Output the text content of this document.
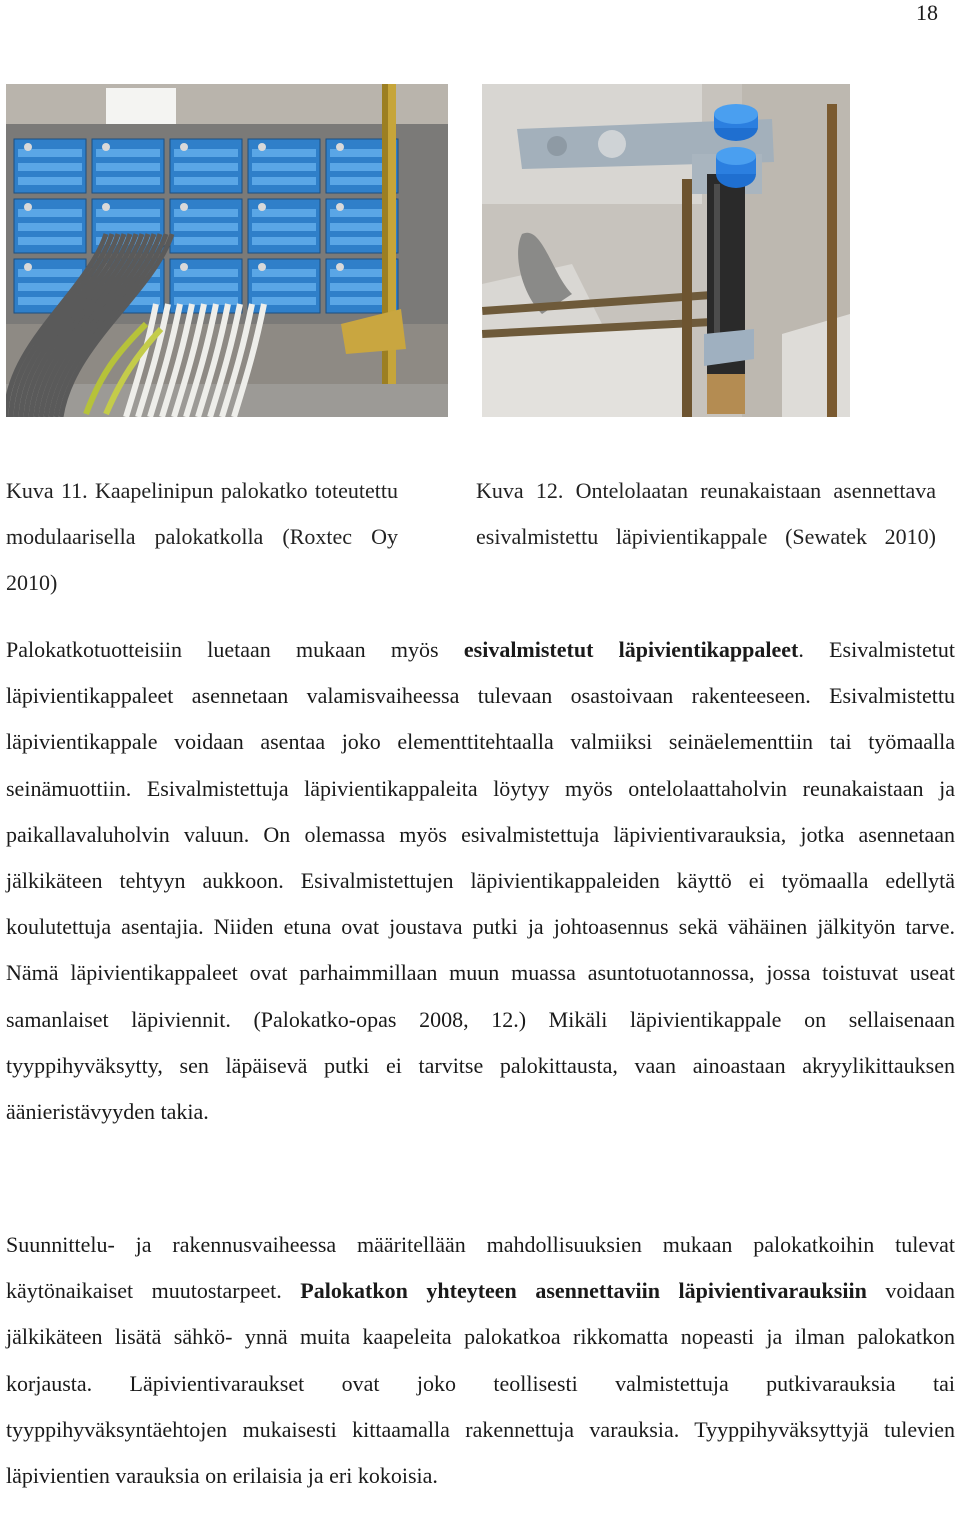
18
Kuva 11. Kaapelinipun palokatko toteutettu modulaarisella palokatkolla (Roxtec Oy 2010)
Kuva 12. Ontelolaatan reunakaistaan asennettava esivalmistettu läpivientikappale (Sewatek 2010)

Palokatkotuotteisiin luetaan mukaan myös esivalmistetut läpivientikappaleet. Esivalmistetut läpivientikappaleet asennetaan valamisvaiheessa tulevaan osastoivaan rakenteeseen. Esivalmistettu läpivientikappale voidaan asentaa joko elementtitehtaalla valmiiksi seinäelementtiin tai työmaalla seinämuottiin. Esivalmistettuja läpivientikappaleita löytyy myös ontelolaattaholvin reunakaistaan ja paikallavaluholvin valuun. On olemassa myös esivalmistettuja läpivientivarauksia, jotka asennetaan jälkikäteen tehtyyn aukkoon. Esivalmistettujen läpivientikappaleiden käyttö ei työmaalla edellytä koulutettuja asentajia. Niiden etuna ovat joustava putki ja johtoasennus sekä vähäinen jälkityön tarve. Nämä läpivientikappaleet ovat parhaimmillaan muun muassa asuntotuotannossa, jossa toistuvat useat samanlaiset läpiviennit. (Palokatko-opas 2008, 12.) Mikäli läpivientikappale on sellaisenaan tyyppihyväksytty, sen läpäisevä putki ei tarvitse palokittausta, vaan ainoastaan akryylikittauksen äänieristävyyden takia.

Suunnittelu- ja rakennusvaiheessa määritellään mahdollisuuksien mukaan palokatkoihin tulevat käytönaikaiset muutostarpeet. Palokatkon yhteyteen asennettaviin läpivientivarauksiin voidaan jälkikäteen lisätä sähkö- ynnä muita kaapeleita palokatkoa rikkomatta nopeasti ja ilman palokatkon korjausta. Läpivientivaraukset ovat joko teollisesti valmistettuja putkivarauksia tai tyyppihyväksyntäehtojen mukaisesti kittaamalla rakennettuja varauksia. Tyyppihyväksyttyjä tulevien läpivientien varauksia on erilaisia ja eri kokoisia.
